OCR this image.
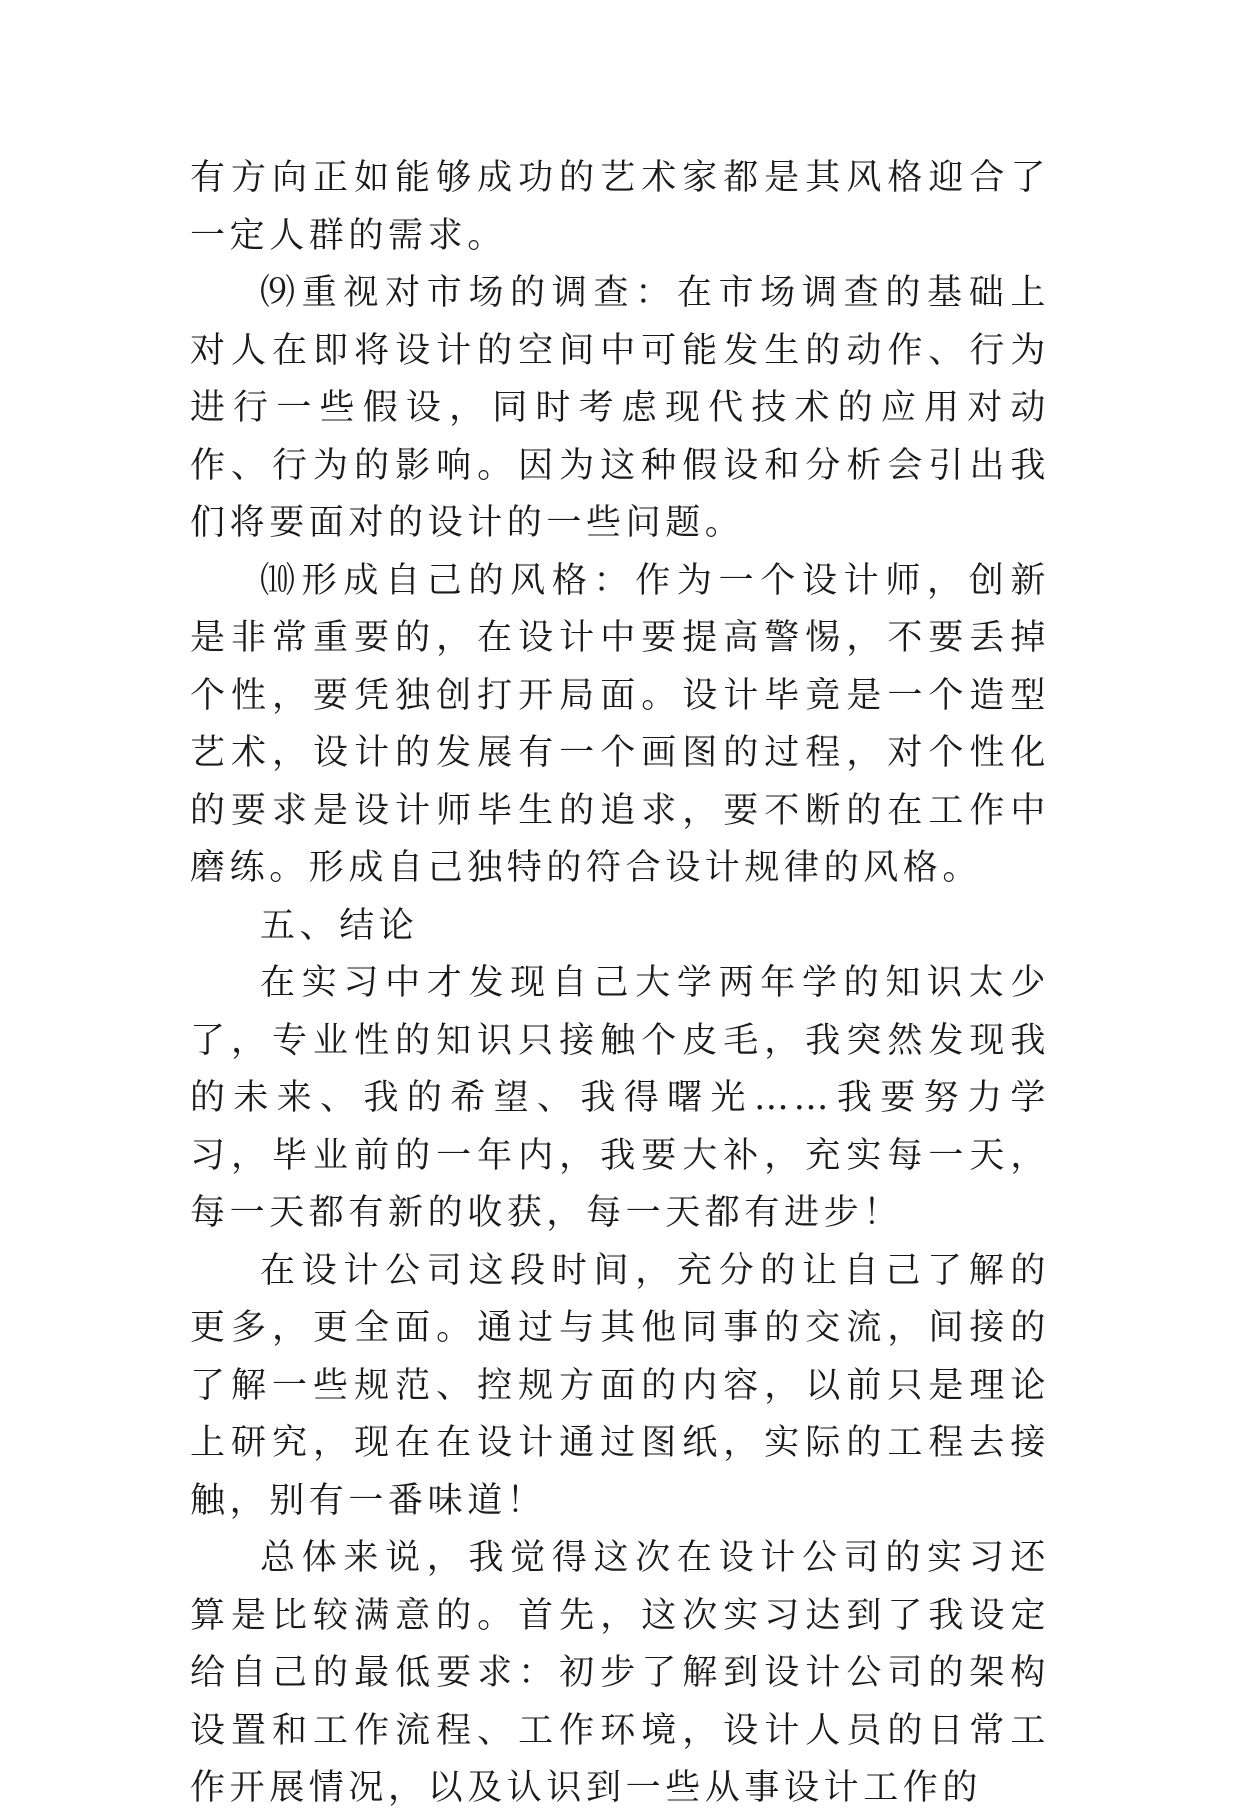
有方向正如能够成功的艺术家都是其风格迎合了一定人群的需求。

⑼重视对市场的调查：在市场调查的基础上对人在即将设计的空间中可能发生的动作、行为进行一些假设，同时考虑现代技术的应用对动作、行为的影响。因为这种假设和分析会引出我们将要面对的设计的一些问题。

⑽形成自己的风格：作为一个设计师，创新是非常重要的，在设计中要提高警惕，不要丢掉个性，要凭独创打开局面。设计毕竟是一个造型艺术，设计的发展有一个画图的过程，对个性化的要求是设计师毕生的追求，要不断的在工作中磨练。形成自己独特的符合设计规律的风格。

五、结论

在实习中才发现自己大学两年学的知识太少了，专业性的知识只接触个皮毛，我突然发现我的未来、我的希望、我得曙光……我要努力学习，毕业前的一年内，我要大补，充实每一天，每一天都有新的收获，每一天都有进步！

在设计公司这段时间，充分的让自己了解的更多，更全面。通过与其他同事的交流，间接的了解一些规范、控规方面的内容，以前只是理论上研究，现在在设计通过图纸，实际的工程去接触，别有一番味道！

总体来说，我觉得这次在设计公司的实习还算是比较满意的。首先，这次实习达到了我设定给自己的最低要求：初步了解到设计公司的架构设置和工作流程、工作环境，设计人员的日常工作开展情况，以及认识到一些从事设计工作的
